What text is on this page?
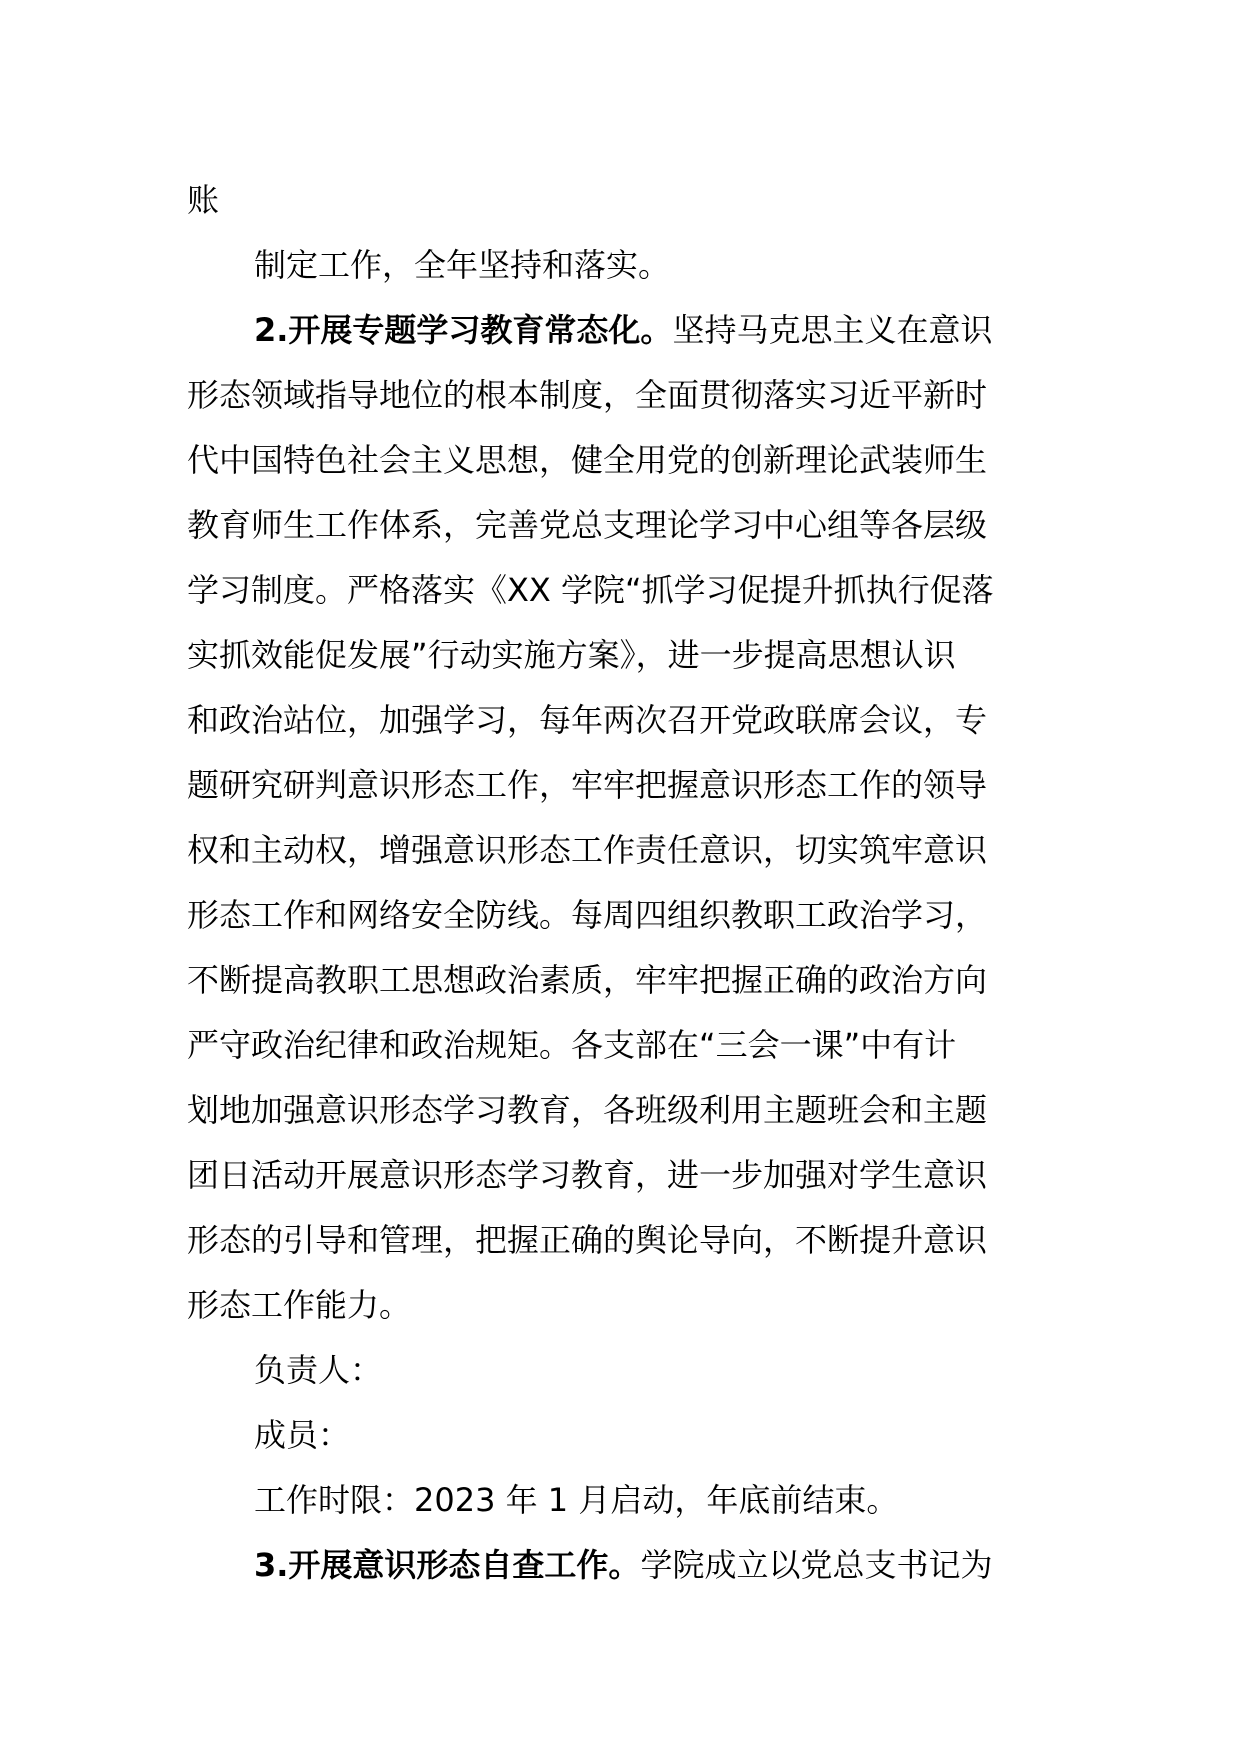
账
制定工作，全年坚持和落实。
2.开展专题学习教育常态化。坚持马克思主义在意识
形态领域指导地位的根本制度，全面贯彻落实习近平新时
代中国特色社会主义思想，健全用党的创新理论武装师生
教育师生工作体系，完善党总支理论学习中心组等各层级
学习制度。严格落实《XX 学院“抓学习促提升抓执行促落
实抓效能促发展”行动实施方案》，进一步提高思想认识
和政治站位，加强学习，每年两次召开党政联席会议，专
题研究研判意识形态工作，牢牢把握意识形态工作的领导
权和主动权，增强意识形态工作责任意识，切实筑牢意识
形态工作和网络安全防线。每周四组织教职工政治学习，
不断提高教职工思想政治素质，牢牢把握正确的政治方向
严守政治纪律和政治规矩。各支部在“三会一课”中有计
划地加强意识形态学习教育，各班级利用主题班会和主题
团日活动开展意识形态学习教育，进一步加强对学生意识
形态的引导和管理，把握正确的舆论导向，不断提升意识
形态工作能力。
负责人：
成员：
工作时限：2023 年 1 月启动，年底前结束。
3.开展意识形态自查工作。学院成立以党总支书记为
